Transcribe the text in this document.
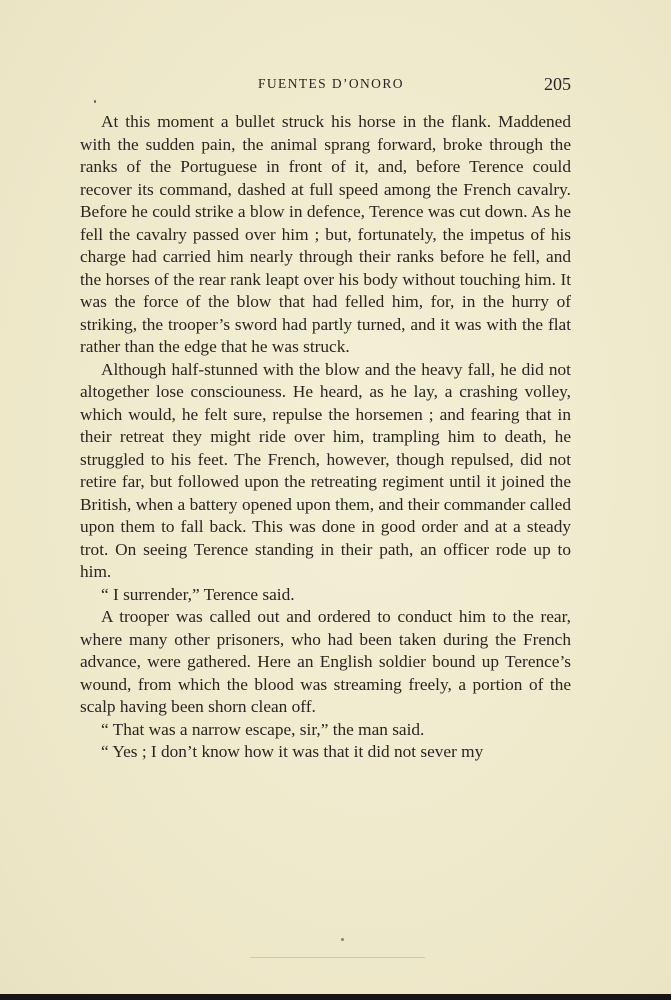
FUENTES D’ONORO	205

At this moment a bullet struck his horse in the flank. Maddened with the sudden pain, the animal sprang forward, broke through the ranks of the Portuguese in front of it, and, before Terence could recover its command, dashed at full speed among the French cavalry. Before he could strike a blow in defence, Terence was cut down. As he fell the cavalry passed over him ; but, fortunately, the impetus of his charge had carried him nearly through their ranks before he fell, and the horses of the rear rank leapt over his body without touching him. It was the force of the blow that had felled him, for, in the hurry of striking, the trooper’s sword had partly turned, and it was with the flat rather than the edge that he was struck.

Although half-stunned with the blow and the heavy fall, he did not altogether lose consciouness. He heard, as he lay, a crashing volley, which would, he felt sure, repulse the horsemen ; and fearing that in their retreat they might ride over him, trampling him to death, he struggled to his feet. The French, however, though repulsed, did not retire far, but followed upon the retreating regiment until it joined the British, when a battery opened upon them, and their commander called upon them to fall back. This was done in good order and at a steady trot. On seeing Terence standing in their path, an officer rode up to him.

“ I surrender,” Terence said.

A trooper was called out and ordered to conduct him to the rear, where many other prisoners, who had been taken during the French advance, were gathered. Here an English soldier bound up Terence’s wound, from which the blood was streaming freely, a portion of the scalp having been shorn clean off.

“ That was a narrow escape, sir,” the man said.

“ Yes ; I don’t know how it was that it did not sever my
